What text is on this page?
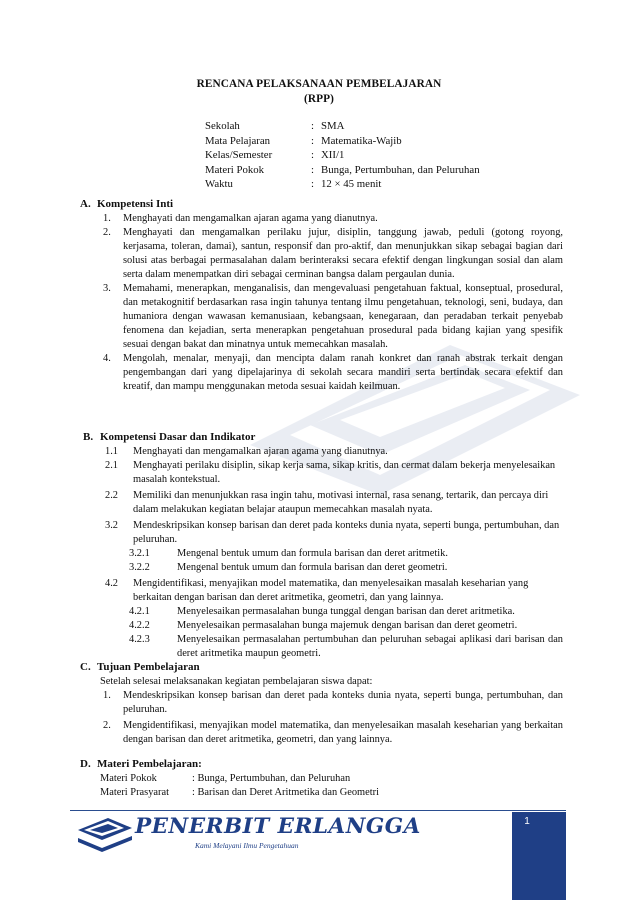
RENCANA PELAKSANAAN PEMBELAJARAN
(RPP)
Sekolah	: SMA
Mata Pelajaran	: Matematika-Wajib
Kelas/Semester	: XII/1
Materi Pokok	: Bunga, Pertumbuhan, dan Peluruhan
Waktu	: 12 × 45 menit
A. Kompetensi Inti
1. Menghayati dan mengamalkan ajaran agama yang dianutnya.
2. Menghayati dan mengamalkan perilaku jujur, disiplin, tanggung jawab, peduli (gotong royong, kerjasama, toleran, damai), santun, responsif dan pro-aktif, dan menunjukkan sikap sebagai bagian dari solusi atas berbagai permasalahan dalam berinteraksi secara efektif dengan lingkungan sosial dan alam serta dalam menempatkan diri sebagai cerminan bangsa dalam pergaulan dunia.
3. Memahami, menerapkan, menganalisis, dan mengevaluasi pengetahuan faktual, konseptual, prosedural, dan metakognitif berdasarkan rasa ingin tahunya tentang ilmu pengetahuan, teknologi, seni, budaya, dan humaniora dengan wawasan kemanusiaan, kebangsaan, kenegaraan, dan peradaban terkait penyebab fenomena dan kejadian, serta menerapkan pengetahuan prosedural pada bidang kajian yang spesifik sesuai dengan bakat dan minatnya untuk memecahkan masalah.
4. Mengolah, menalar, menyaji, dan mencipta dalam ranah konkret dan ranah abstrak terkait dengan pengembangan dari yang dipelajarinya di sekolah secara mandiri serta bertindak secara efektif dan kreatif, dan mampu menggunakan metoda sesuai kaidah keilmuan.
B. Kompetensi Dasar dan Indikator
1.1 Menghayati dan mengamalkan ajaran agama yang dianutnya.
2.1 Menghayati perilaku disiplin, sikap kerja sama, sikap kritis, dan cermat dalam bekerja menyelesaikan masalah kontekstual.
2.2 Memiliki dan menunjukkan rasa ingin tahu, motivasi internal, rasa senang, tertarik, dan percaya diri dalam melakukan kegiatan belajar ataupun memecahkan masalah nyata.
3.2 Mendeskripsikan konsep barisan dan deret pada konteks dunia nyata, seperti bunga, pertumbuhan, dan peluruhan.
3.2.1	Mengenal bentuk umum dan formula barisan dan deret aritmetik.
3.2.2	Mengenal bentuk umum dan formula barisan dan deret geometri.
4.2 Mengidentifikasi, menyajikan model matematika, dan menyelesaikan masalah keseharian yang berkaitan dengan barisan dan deret aritmetika, geometri, dan yang lainnya.
4.2.1	Menyelesaikan permasalahan bunga tunggal dengan barisan dan deret aritmetika.
4.2.2	Menyelesaikan permasalahan bunga majemuk dengan barisan dan deret geometri.
4.2.3	Menyelesaikan permasalahan pertumbuhan dan peluruhan sebagai aplikasi dari barisan dan deret aritmetika maupun geometri.
C. Tujuan Pembelajaran
Setelah selesai melaksanakan kegiatan pembelajaran siswa dapat:
1. Mendeskripsikan konsep barisan dan deret pada konteks dunia nyata, seperti bunga, pertumbuhan, dan peluruhan.
2. Mengidentifikasi, menyajikan model matematika, dan menyelesaikan masalah keseharian yang berkaitan dengan barisan dan deret aritmetika, geometri, dan yang lainnya.
D. Materi Pembelajaran:
Materi Pokok	: Bunga, Pertumbuhan, dan Peluruhan
Materi Prasyarat : Barisan dan Deret Aritmetika dan Geometri
PENERBIT ERLANGGA
Kami Melayani Ilmu Pengetahuan
1
